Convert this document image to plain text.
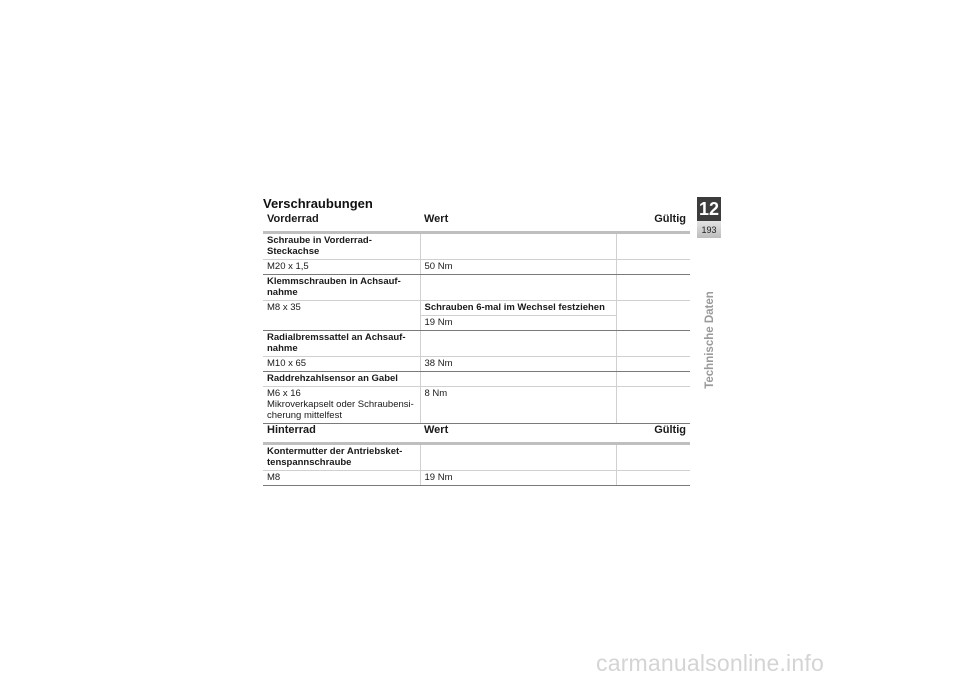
Verschraubungen
Vorderrad	Wert	Gültig
Schraube in Vorderrad-
Steckachse		
M20 x 1,5	50 Nm	
Klemmschrauben in Achsauf-
nahme		
M8 x 35	Schrauben 6-mal im Wechsel festziehen	
	19 Nm	
Radialbremssattel an Achsauf-
nahme		
M10 x 65	38 Nm	
Raddrehzahlsensor an Gabel		
M6 x 16
Mikroverkapselt oder Schraubensi-
cherung mittelfest	8 Nm	
Hinterrad	Wert	Gültig
Kontermutter der Antriebsket-
tenspannschraube		
M8	19 Nm	
12
193
Technische Daten
carmanualsonline.info
